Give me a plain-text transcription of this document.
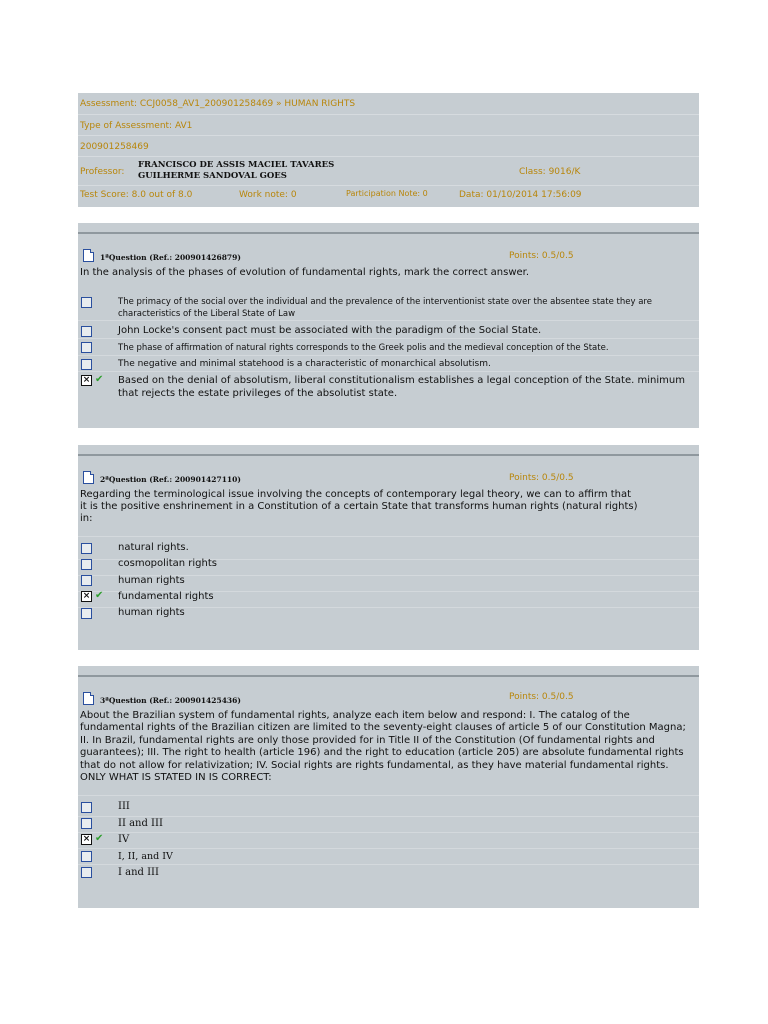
Assessment: CCJ0058_AV1_200901258469 » HUMAN RIGHTS
Type of Assessment: AV1
200901258469
Professor:
FRANCISCO DE ASSIS MACIEL TAVARES
GUILHERME SANDOVAL GOES	Class: 9016/K
Test Score: 8.0 out of 8.0	Work note: 0	Participation Note: 0	Data: 01/10/2014 17:56:09
1ªQuestion (Ref.: 200901426879)	Points: 0.5/0.5
In the analysis of the phases of evolution of fundamental rights, mark the correct answer.
The primacy of the social over the individual and the prevalence of the interventionist state over the absentee state they are characteristics of the Liberal State of Law
John Locke's consent pact must be associated with the paradigm of the Social State.
The phase of affirmation of natural rights corresponds to the Greek polis and the medieval conception of the State.
The negative and minimal statehood is a characteristic of monarchical absolutism.
× ✔ Based on the denial of absolutism, liberal constitutionalism establishes a legal conception of the State. minimum that rejects the estate privileges of the absolutist state.
2ªQuestion (Ref.: 200901427110)	Points: 0.5/0.5
Regarding the terminological issue involving the concepts of contemporary legal theory, we can to affirm that it is the positive enshrinement in a Constitution of a certain State that transforms human rights (natural rights) in:
natural rights.
cosmopolitan rights
human rights
× ✔ fundamental rights
human rights
3ªQuestion (Ref.: 200901425436)	Points: 0.5/0.5
About the Brazilian system of fundamental rights, analyze each item below and respond: I. The catalog of the fundamental rights of the Brazilian citizen are limited to the seventy-eight clauses of article 5 of our Constitution Magna; II. In Brazil, fundamental rights are only those provided for in Title II of the Constitution (Of fundamental rights and guarantees); III. The right to health (article 196) and the right to education (article 205) are absolute fundamental rights that do not allow for relativization; IV. Social rights are rights fundamental, as they have material fundamental rights. ONLY WHAT IS STATED IN IS CORRECT:
III
II and III
× ✔ IV
I, II, and IV
I and III
